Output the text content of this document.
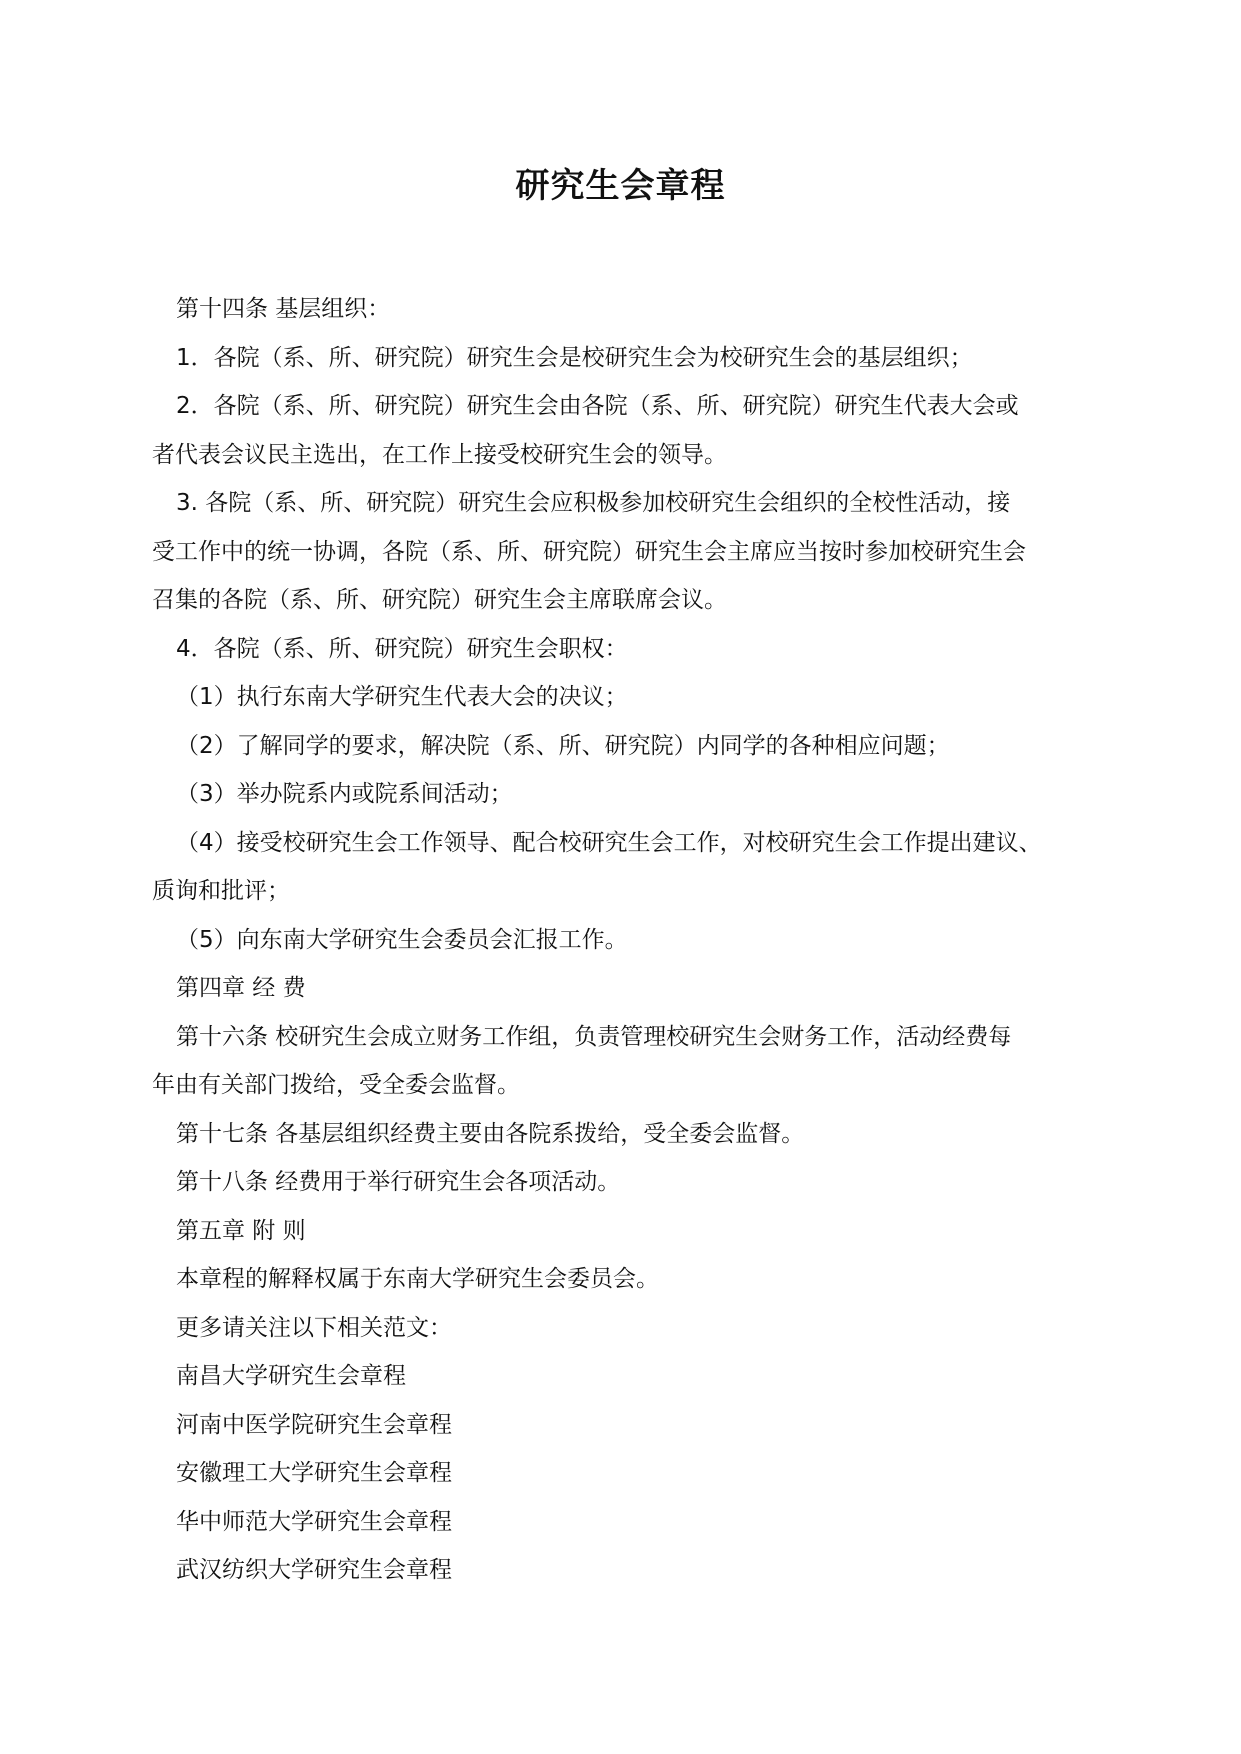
研究生会章程
第十四条 基层组织：
1．各院（系、所、研究院）研究生会是校研究生会为校研究生会的基层组织；
2．各院（系、所、研究院）研究生会由各院（系、所、研究院）研究生代表大会或
者代表会议民主选出，在工作上接受校研究生会的领导。
3. 各院（系、所、研究院）研究生会应积极参加校研究生会组织的全校性活动，接
受工作中的统一协调，各院（系、所、研究院）研究生会主席应当按时参加校研究生会
召集的各院（系、所、研究院）研究生会主席联席会议。
4．各院（系、所、研究院）研究生会职权：
（1）执行东南大学研究生代表大会的决议；
（2）了解同学的要求，解决院（系、所、研究院）内同学的各种相应问题；
（3）举办院系内或院系间活动；
（4）接受校研究生会工作领导、配合校研究生会工作，对校研究生会工作提出建议、
质询和批评；
（5）向东南大学研究生会委员会汇报工作。
第四章 经 费
第十六条 校研究生会成立财务工作组，负责管理校研究生会财务工作，活动经费每
年由有关部门拨给，受全委会监督。
第十七条 各基层组织经费主要由各院系拨给，受全委会监督。
第十八条 经费用于举行研究生会各项活动。
第五章 附 则
本章程的解释权属于东南大学研究生会委员会。
更多请关注以下相关范文：
南昌大学研究生会章程
河南中医学院研究生会章程
安徽理工大学研究生会章程
华中师范大学研究生会章程
武汉纺织大学研究生会章程
